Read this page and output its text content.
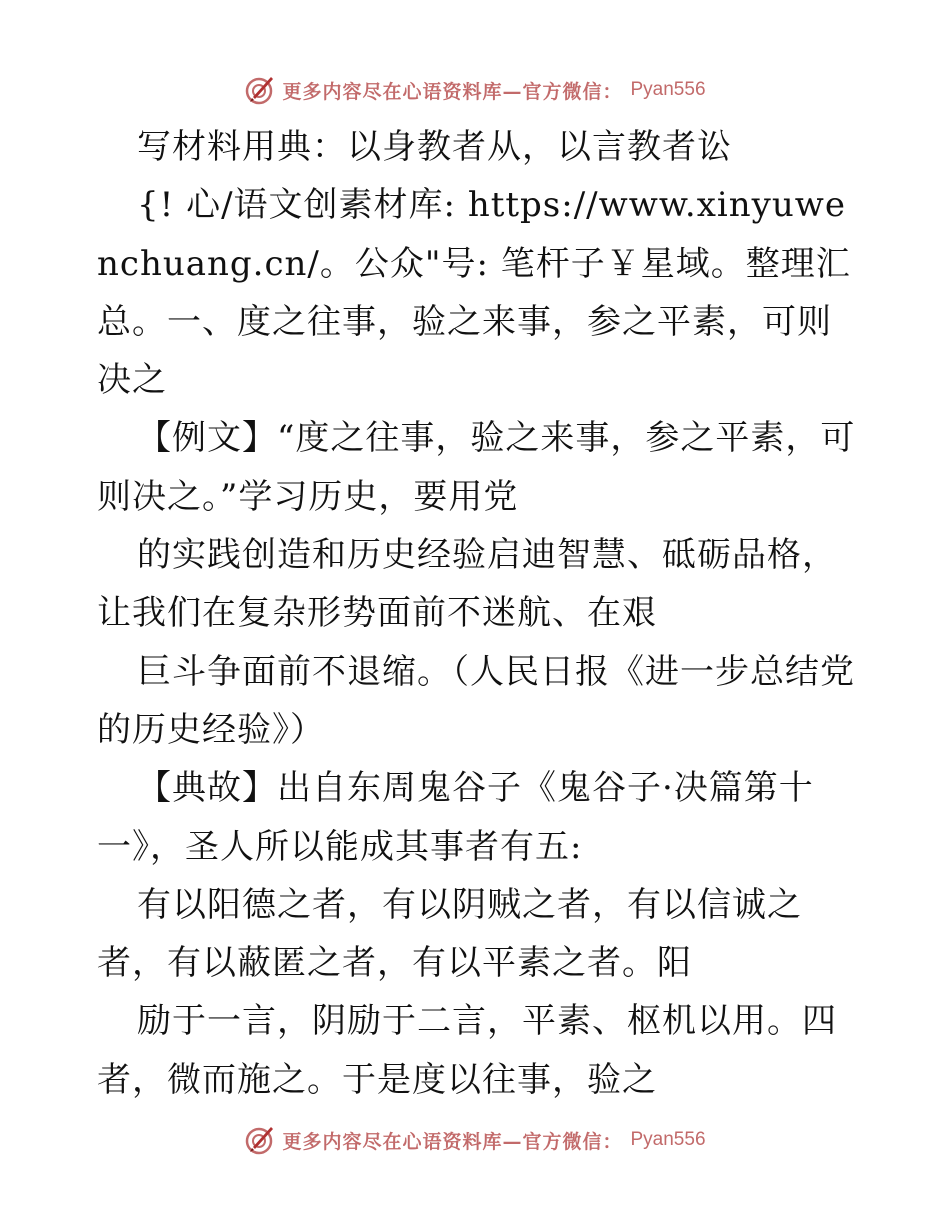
更多内容尽在心语资料库—官方微信： Pyan556

写材料用典：以身教者从，以言教者讼

{! 心/语文创素材库: https://www.xinyuwenchuang.cn/。公众"号: 笔杆子￥星域。整理汇总。一、度之往事，验之来事，参之平素，可则决之

【例文】“度之往事，验之来事，参之平素，可则决之。”学习历史，要用党

的实践创造和历史经验启迪智慧、砥砺品格，让我们在复杂形势面前不迷航、在艰

巨斗争面前不退缩。（人民日报《进一步总结党的历史经验》）

【典故】出自东周鬼谷子《鬼谷子·决篇第十一》，圣人所以能成其事者有五:

有以阳德之者，有以阴贼之者，有以信诚之者，有以蔽匿之者，有以平素之者。阳

励于一言，阴励于二言，平素、枢机以用。四者，微而施之。于是度以往事，验之

更多内容尽在心语资料库—官方微信： Pyan556
